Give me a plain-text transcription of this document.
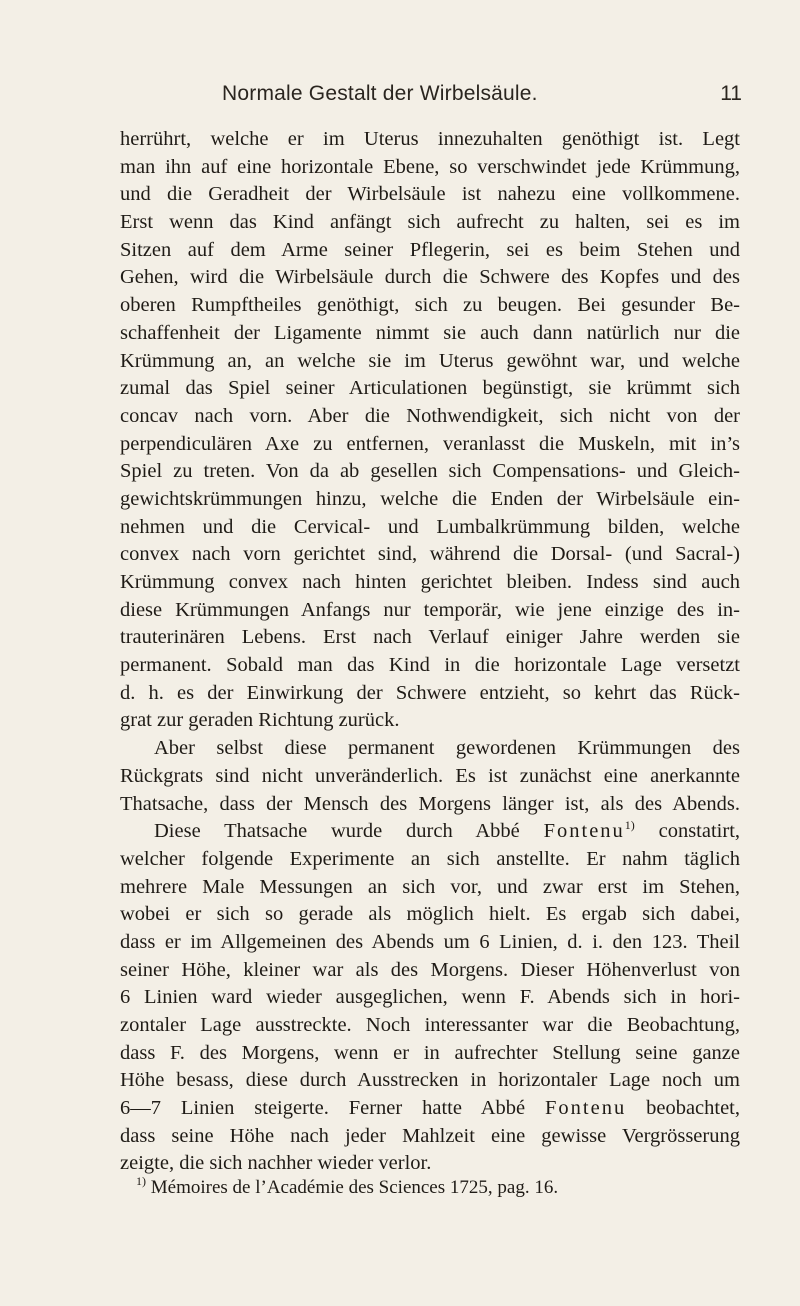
Normale Gestalt der Wirbelsäule.	11
herrührt, welche er im Uterus innezuhalten genöthigt ist. Legt
man ihn auf eine horizontale Ebene, so verschwindet jede Krümmung,
und die Geradheit der Wirbelsäule ist nahezu eine vollkommene.
Erst wenn das Kind anfängt sich aufrecht zu halten, sei es im
Sitzen auf dem Arme seiner Pflegerin, sei es beim Stehen und
Gehen, wird die Wirbelsäule durch die Schwere des Kopfes und des
oberen Rumpftheiles genöthigt, sich zu beugen. Bei gesunder Be-
schaffenheit der Ligamente nimmt sie auch dann natürlich nur die
Krümmung an, an welche sie im Uterus gewöhnt war, und welche
zumal das Spiel seiner Articulationen begünstigt, sie krümmt sich
concav nach vorn. Aber die Nothwendigkeit, sich nicht von der
perpendiculären Axe zu entfernen, veranlasst die Muskeln, mit in’s
Spiel zu treten. Von da ab gesellen sich Compensations- und Gleich-
gewichtskrümmungen hinzu, welche die Enden der Wirbelsäule ein-
nehmen und die Cervical- und Lumbalkrümmung bilden, welche
convex nach vorn gerichtet sind, während die Dorsal- (und Sacral-)
Krümmung convex nach hinten gerichtet bleiben. Indess sind auch
diese Krümmungen Anfangs nur temporär, wie jene einzige des in-
trauterinären Lebens. Erst nach Verlauf einiger Jahre werden sie
permanent. Sobald man das Kind in die horizontale Lage versetzt
d. h. es der Einwirkung der Schwere entzieht, so kehrt das Rück-
grat zur geraden Richtung zurück.
Aber selbst diese permanent gewordenen Krümmungen des
Rückgrats sind nicht unveränderlich. Es ist zunächst eine anerkannte
Thatsache, dass der Mensch des Morgens länger ist, als des Abends.
Diese Thatsache wurde durch Abbé Fontenu$^{1)}$ constatirt,
welcher folgende Experimente an sich anstellte. Er nahm täglich
mehrere Male Messungen an sich vor, und zwar erst im Stehen,
wobei er sich so gerade als möglich hielt. Es ergab sich dabei,
dass er im Allgemeinen des Abends um 6 Linien, d. i. den 123. Theil
seiner Höhe, kleiner war als des Morgens. Dieser Höhenverlust von
6 Linien ward wieder ausgeglichen, wenn F. Abends sich in hori-
zontaler Lage ausstreckte. Noch interessanter war die Beobachtung,
dass F. des Morgens, wenn er in aufrechter Stellung seine ganze
Höhe besass, diese durch Ausstrecken in horizontaler Lage noch um
6—7 Linien steigerte. Ferner hatte Abbé Fontenu beobachtet,
dass seine Höhe nach jeder Mahlzeit eine gewisse Vergrösserung
zeigte, die sich nachher wieder verlor.
$^{1)}$ Mémoires de l’Académie des Sciences 1725, pag. 16.
